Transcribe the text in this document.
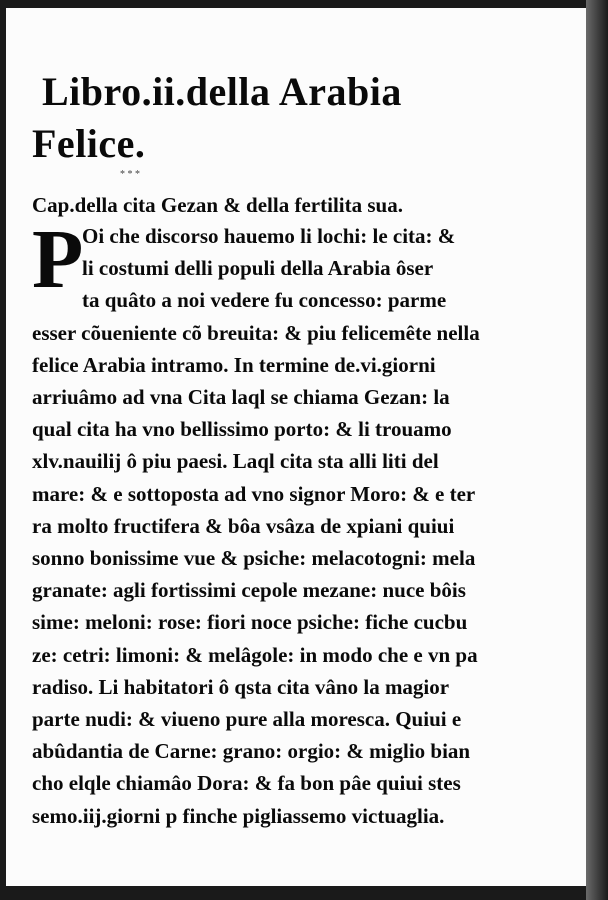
Libro.ii.della Arabia
Felice.
* * *
Cap.della cita Gezan & della fertilita sua.
P
Oi che discorso hauemo li lochi: le cita: &
li costumi delli populi della Arabia ôser
ta quâto a noi vedere fu concesso: parme
esser cõueniente cõ breuita: & piu felicemête nella
felice Arabia intramo. In termine de.vi.giorni
arriuâmo ad vna Cita laql se chiama Gezan: la
qual cita ha vno bellissimo porto: & li trouamo
xlv.nauilij ô piu paesi. Laql cita sta alli liti del
mare: & e sottoposta ad vno signor Moro: & e ter
ra molto fructifera & bôa vsâza de xpiani quiui
sonno bonissime vue & psiche: melacotogni: mela
granate: agli fortissimi cepole mezane: nuce bôis
sime: meloni: rose: fiori noce psiche: fiche cucbu
ze: cetri: limoni: & melâgole: in modo che e vn pa
radiso. Li habitatori ô qsta cita vâno la magior
parte nudi: & viueno pure alla moresca. Quiui e
abûdantia de Carne: grano: orgio: & miglio bian
cho elqle chiamâo Dora: & fa bon pâe quiui stes
semo.iij.giorni p finche pigliassemo victuaglia.
